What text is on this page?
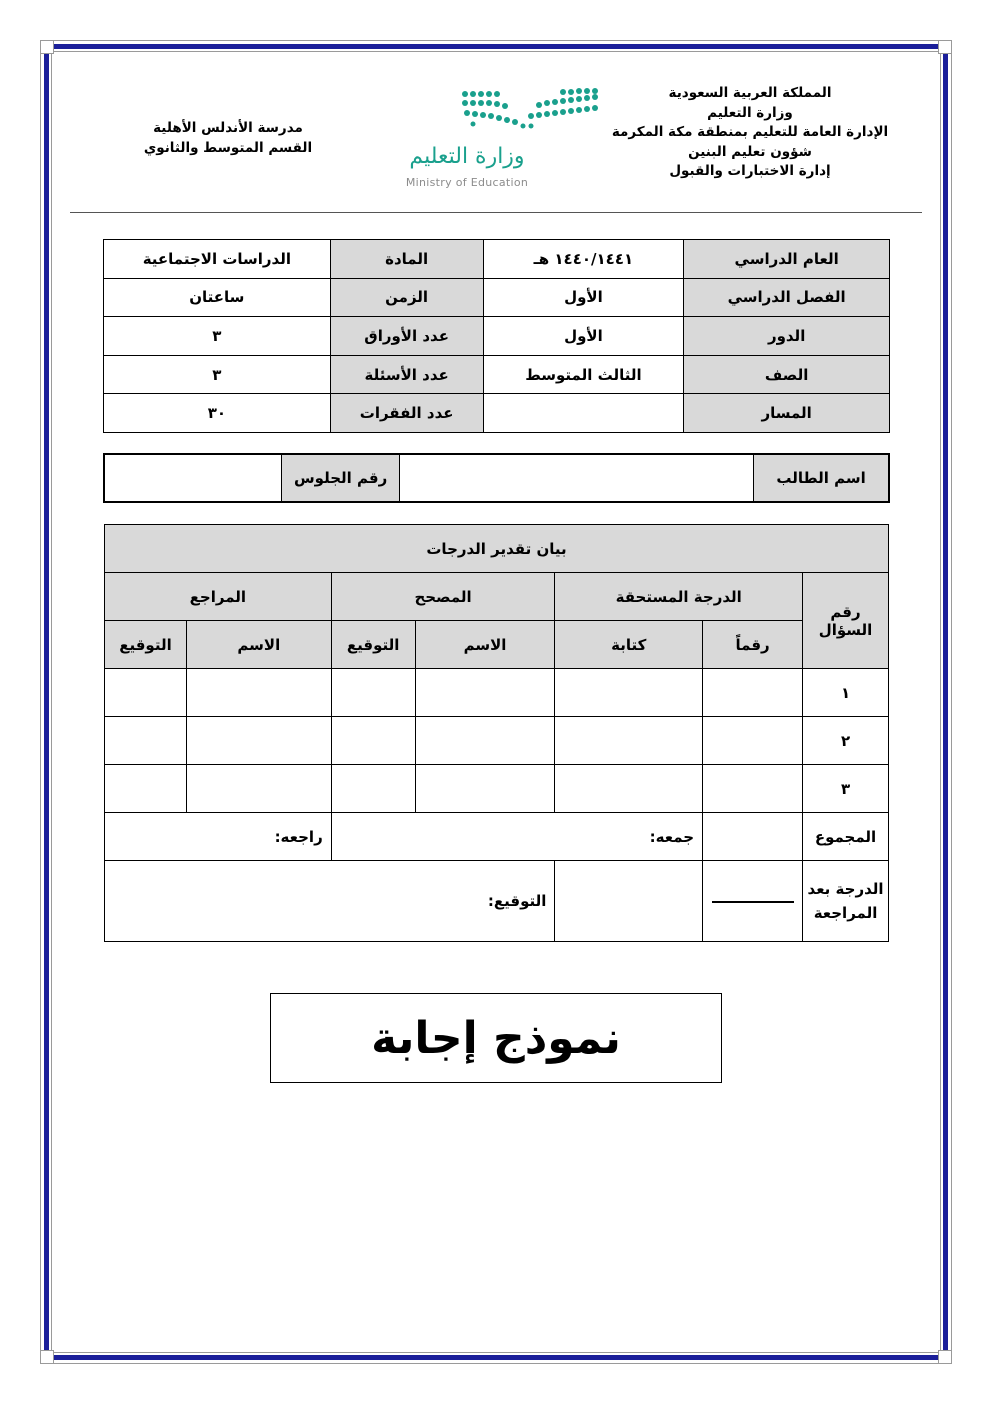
المملكة العربية السعودية
وزارة التعليم
الإدارة العامة للتعليم بمنطقة مكة المكرمة
شؤون تعليم البنين
إدارة الاختبارات والقبول
وزارة التعليم
Ministry of Education
مدرسة الأندلس الأهلية
القسم المتوسط والثانوي
العام الدراسي	١٤٤٠/١٤٤١ هـ	المادة	الدراسات الاجتماعية
الفصل الدراسي	الأول	الزمن	ساعتان
الدور	الأول	عدد الأوراق	٣
الصف	الثالث المتوسط	عدد الأسئلة	٣
المسار		عدد الفقرات	٣٠
اسم الطالب		رقم الجلوس	
بيان تقدير الدرجات						
رقم السؤال	الدرجة المستحقة		المصحح		المراجع	
	رقماً	كتابة	الاسم	التوقيع	الاسم	التوقيع
١						
٢						
٣						
المجموع		جمعه:			راجعه:	
الدرجة بعد المراجعة			التوقيع:			
نموذج إجابة
